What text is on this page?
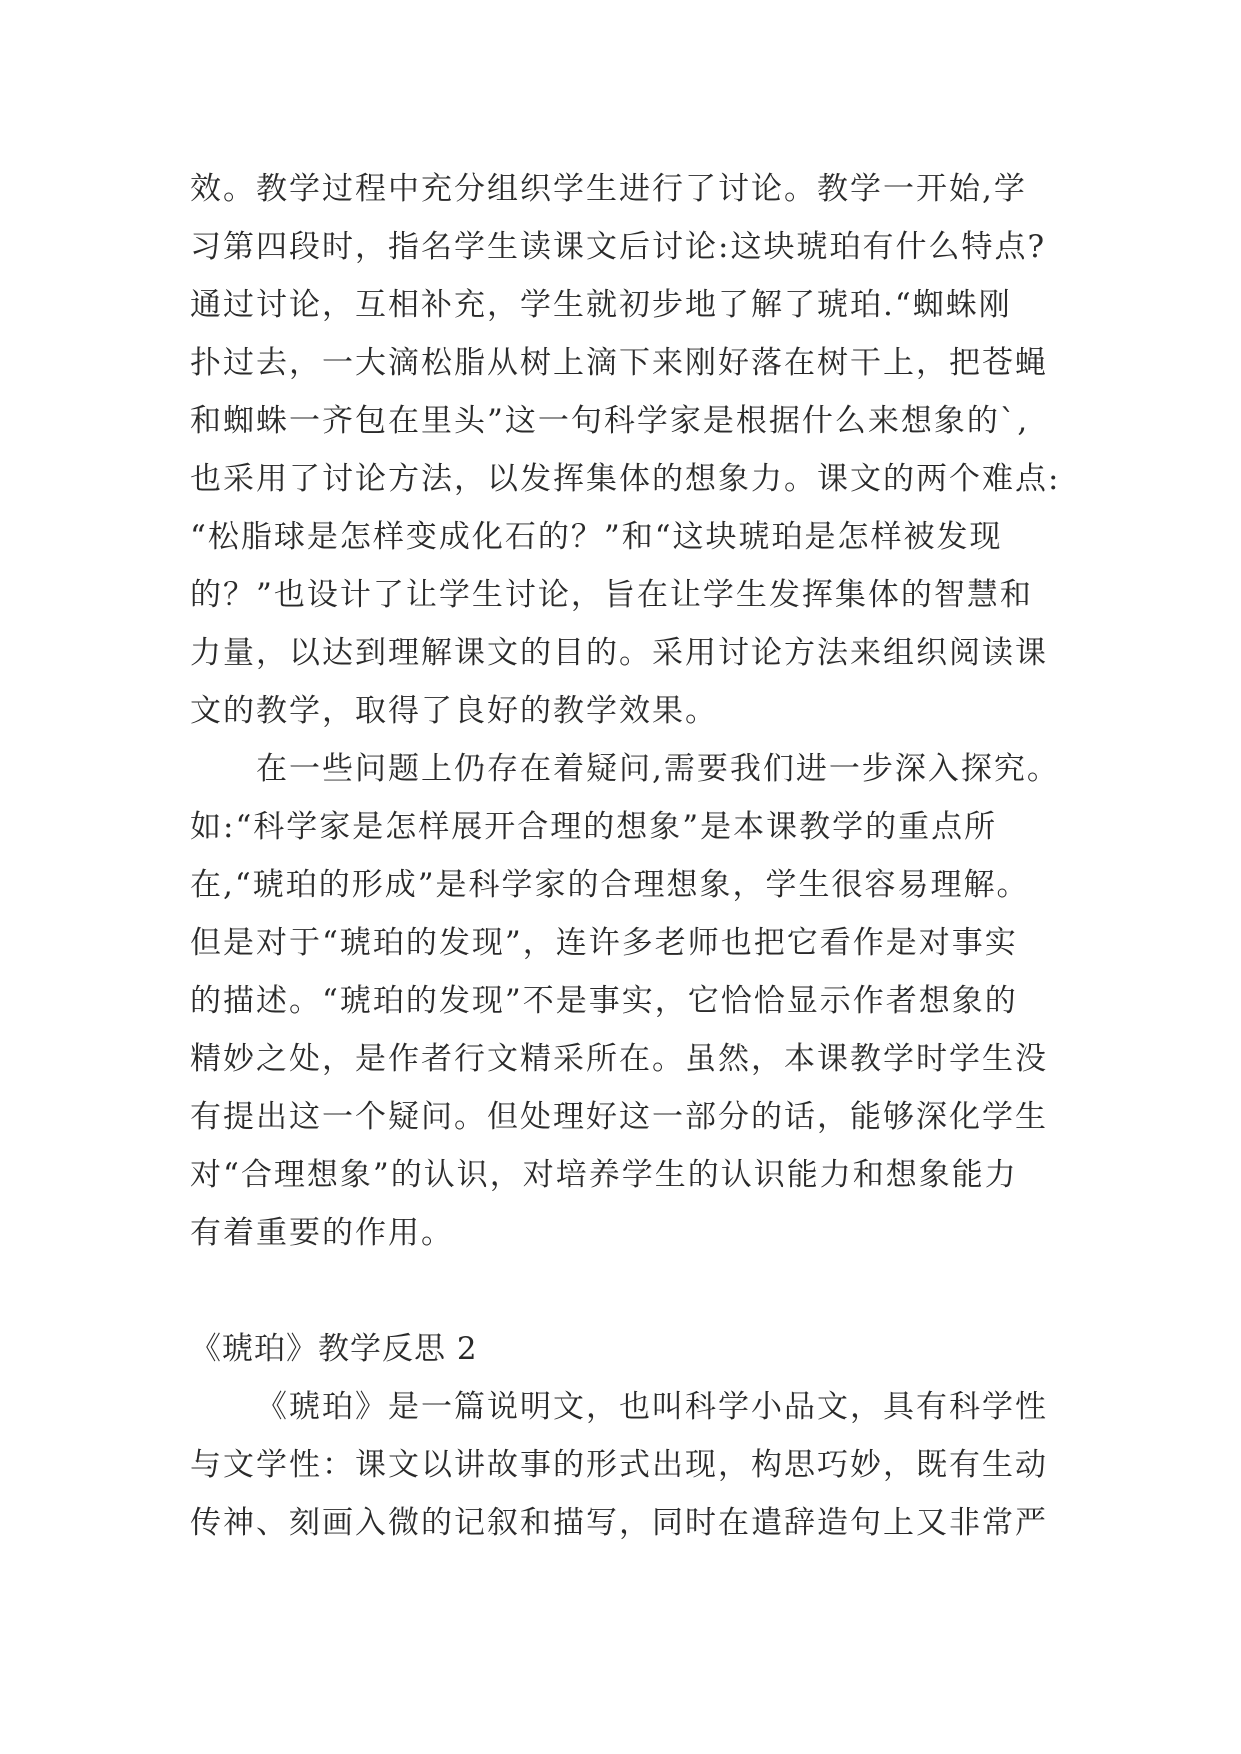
效。教学过程中充分组织学生进行了讨论。教学一开始,学
习第四段时，指名学生读课文后讨论:这块琥珀有什么特点?
通过讨论，互相补充，学生就初步地了解了琥珀.“蜘蛛刚
扑过去，一大滴松脂从树上滴下来刚好落在树干上，把苍蝇
和蜘蛛一齐包在里头”这一句科学家是根据什么来想象的`,
也采用了讨论方法，以发挥集体的想象力。课文的两个难点:
“松脂球是怎样变成化石的？”和“这块琥珀是怎样被发现
的？”也设计了让学生讨论，旨在让学生发挥集体的智慧和
力量，以达到理解课文的目的。采用讨论方法来组织阅读课
文的教学，取得了良好的教学效果。
在一些问题上仍存在着疑问,需要我们进一步深入探究。
如:“科学家是怎样展开合理的想象”是本课教学的重点所
在,“琥珀的形成”是科学家的合理想象，学生很容易理解。
但是对于“琥珀的发现”，连许多老师也把它看作是对事实
的描述。“琥珀的发现”不是事实，它恰恰显示作者想象的
精妙之处，是作者行文精采所在。虽然，本课教学时学生没
有提出这一个疑问。但处理好这一部分的话，能够深化学生
对“合理想象”的认识，对培养学生的认识能力和想象能力
有着重要的作用。
《琥珀》教学反思 2
《琥珀》是一篇说明文，也叫科学小品文，具有科学性
与文学性：课文以讲故事的形式出现，构思巧妙，既有生动
传神、刻画入微的记叙和描写，同时在遣辞造句上又非常严
